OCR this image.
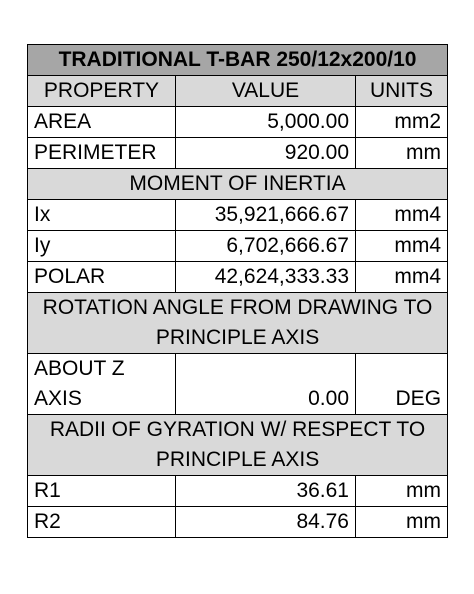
TRADITIONAL T-BAR 250/12x200/10		
PROPERTY	VALUE	UNITS
AREA	5,000.00	mm2
PERIMETER	920.00	mm
MOMENT OF INERTIA		
Ix	35,921,666.67	mm4
Iy	6,702,666.67	mm4
POLAR	42,624,333.33	mm4
ROTATION ANGLE FROM DRAWING TO PRINCIPLE AXIS		
ABOUT Z AXIS	0.00	DEG
RADII OF GYRATION W/ RESPECT TO PRINCIPLE AXIS		
R1	36.61	mm
R2	84.76	mm
